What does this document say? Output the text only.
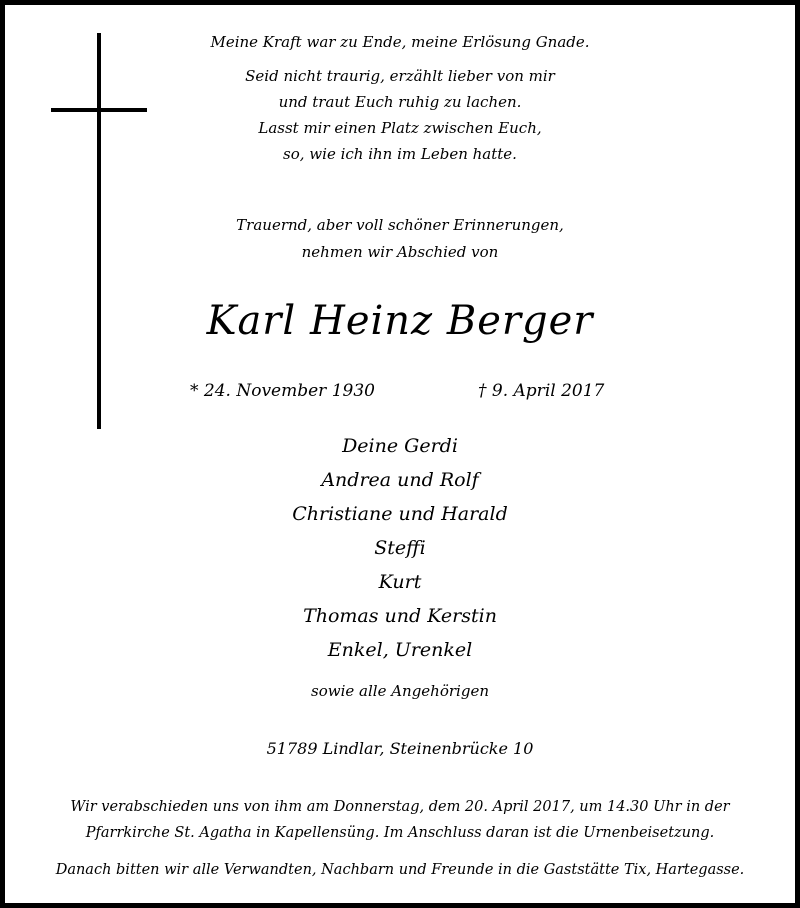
Meine Kraft war zu Ende, meine Erlösung Gnade.
Seid nicht traurig, erzählt lieber von mir
und traut Euch ruhig zu lachen.
Lasst mir einen Platz zwischen Euch,
so, wie ich ihn im Leben hatte.
Trauernd, aber voll schöner Erinnerungen,
nehmen wir Abschied von
Karl Heinz Berger
* 24. November 1930	† 9. April 2017
Deine Gerdi
Andrea und Rolf
Christiane und Harald
Steffi
Kurt
Thomas und Kerstin
Enkel, Urenkel
sowie alle Angehörigen
51789 Lindlar, Steinenbrücke 10
Wir verabschieden uns von ihm am Donnerstag, dem 20. April 2017, um 14.30 Uhr in der
Pfarrkirche St. Agatha in Kapellensüng. Im Anschluss daran ist die Urnenbeisetzung.
Danach bitten wir alle Verwandten, Nachbarn und Freunde in die Gaststätte Tix, Hartegasse.
